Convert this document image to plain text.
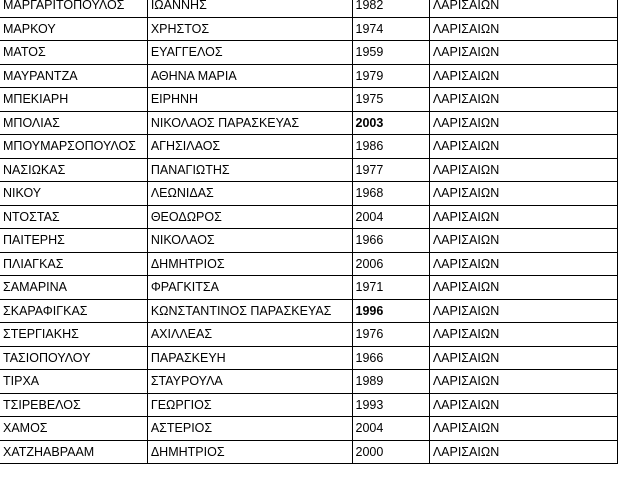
ΜΑΡΓΑΡΙΤΟΠΟΥΛΟΣ	ΙΩΑΝΝΗΣ	1982	ΛΑΡΙΣΑΙΩΝ
ΜΑΡΚΟΥ	ΧΡΗΣΤΟΣ	1974	ΛΑΡΙΣΑΙΩΝ
ΜΑΤΟΣ	ΕΥΑΓΓΕΛΟΣ	1959	ΛΑΡΙΣΑΙΩΝ
ΜΑΥΡΑΝΤΖΑ	ΑΘΗΝΑ ΜΑΡΙΑ	1979	ΛΑΡΙΣΑΙΩΝ
ΜΠΕΚΙΑΡΗ	ΕΙΡΗΝΗ	1975	ΛΑΡΙΣΑΙΩΝ
ΜΠΟΛΙΑΣ	ΝΙΚΟΛΑΟΣ ΠΑΡΑΣΚΕΥΑΣ	2003	ΛΑΡΙΣΑΙΩΝ
ΜΠΟΥΜΑΡΣΟΠΟΥΛΟΣ	ΑΓΗΣΙΛΑΟΣ	1986	ΛΑΡΙΣΑΙΩΝ
ΝΑΣΙΩΚΑΣ	ΠΑΝΑΓΙΩΤΗΣ	1977	ΛΑΡΙΣΑΙΩΝ
ΝΙΚΟΥ	ΛΕΩΝΙΔΑΣ	1968	ΛΑΡΙΣΑΙΩΝ
ΝΤΟΣΤΑΣ	ΘΕΟΔΩΡΟΣ	2004	ΛΑΡΙΣΑΙΩΝ
ΠΑΙΤΕΡΗΣ	ΝΙΚΟΛΑΟΣ	1966	ΛΑΡΙΣΑΙΩΝ
ΠΛΙΑΓΚΑΣ	ΔΗΜΗΤΡΙΟΣ	2006	ΛΑΡΙΣΑΙΩΝ
ΣΑΜΑΡΙΝΑ	ΦΡΑΓΚΙΤΣΑ	1971	ΛΑΡΙΣΑΙΩΝ
ΣΚΑΡΑΦΙΓΚΑΣ	ΚΩΝΣΤΑΝΤΙΝΟΣ ΠΑΡΑΣΚΕΥΑΣ	1996	ΛΑΡΙΣΑΙΩΝ
ΣΤΕΡΓΙΑΚΗΣ	ΑΧΙΛΛΕΑΣ	1976	ΛΑΡΙΣΑΙΩΝ
ΤΑΣΙΟΠΟΥΛΟΥ	ΠΑΡΑΣΚΕΥΗ	1966	ΛΑΡΙΣΑΙΩΝ
ΤΙΡΧΑ	ΣΤΑΥΡΟΥΛΑ	1989	ΛΑΡΙΣΑΙΩΝ
ΤΣΙΡΕΒΕΛΟΣ	ΓΕΩΡΓΙΟΣ	1993	ΛΑΡΙΣΑΙΩΝ
ΧΑΜΟΣ	ΑΣΤΕΡΙΟΣ	2004	ΛΑΡΙΣΑΙΩΝ
ΧΑΤΖΗΑΒΡΑΑΜ	ΔΗΜΗΤΡΙΟΣ	2000	ΛΑΡΙΣΑΙΩΝ
